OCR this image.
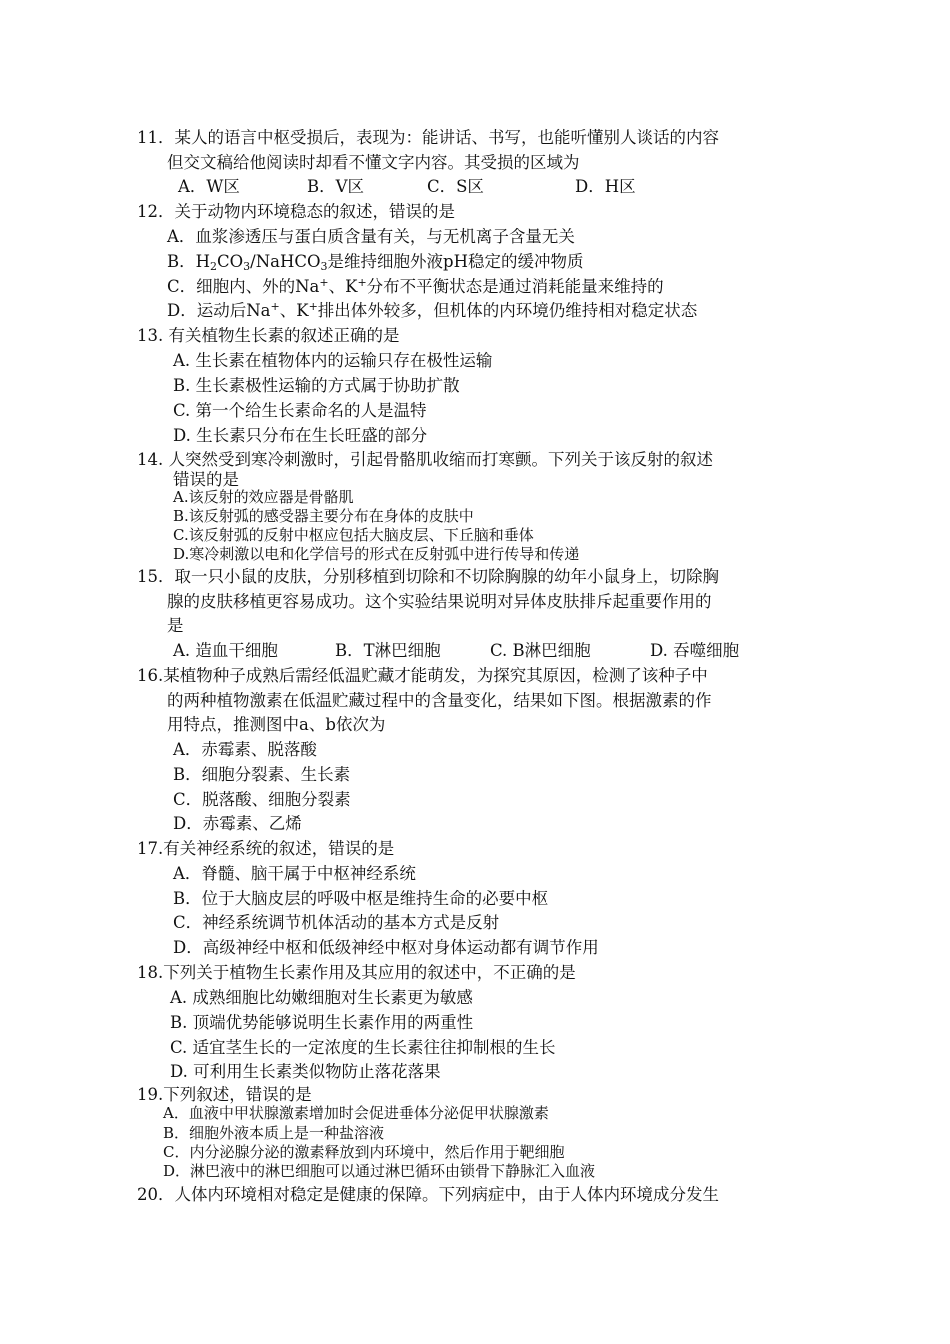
11．某人的语言中枢受损后，表现为：能讲话、书写，也能听懂别人谈话的内容
但交文稿给他阅读时却看不懂文字内容。其受损的区域为
A．W区	B．V区	C．S区	D．H区
12．关于动物内环境稳态的叙述，错误的是
A．血浆渗透压与蛋白质含量有关，与无机离子含量无关
B．$H_2CO_3/NaHCO_3$是维持细胞外液pH稳定的缓冲物质
C．细胞内、外的Na+、K+分布不平衡状态是通过消耗能量来维持的
D．运动后Na+、K+排出体外较多，但机体的内环境仍维持相对稳定状态
13. 有关植物生长素的叙述正确的是
A. 生长素在植物体内的运输只存在极性运输
B. 生长素极性运输的方式属于协助扩散
C. 第一个给生长素命名的人是温特
D. 生长素只分布在生长旺盛的部分
14. 人突然受到寒冷刺激时，引起骨骼肌收缩而打寒颤。下列关于该反射的叙述
错误的是
A.该反射的效应器是骨骼肌
B.该反射弧的感受器主要分布在身体的皮肤中
C.该反射弧的反射中枢应包括大脑皮层、下丘脑和垂体
D.寒冷刺激以电和化学信号的形式在反射弧中进行传导和传递
15．取一只小鼠的皮肤，分别移植到切除和不切除胸腺的幼年小鼠身上，切除胸
腺的皮肤移植更容易成功。这个实验结果说明对异体皮肤排斥起重要作用的
是
A. 造血干细胞	B．T淋巴细胞	C. B淋巴细胞	D. 吞噬细胞
16.某植物种子成熟后需经低温贮藏才能萌发，为探究其原因，检测了该种子中
的两种植物激素在低温贮藏过程中的含量变化，结果如下图。根据激素的作
用特点，推测图中a、b依次为
A．赤霉素、脱落酸
B．细胞分裂素、生长素
C．脱落酸、细胞分裂素
D．赤霉素、乙烯
17.有关神经系统的叙述，错误的是
A．脊髓、脑干属于中枢神经系统
B．位于大脑皮层的呼吸中枢是维持生命的必要中枢
C．神经系统调节机体活动的基本方式是反射
D．高级神经中枢和低级神经中枢对身体运动都有调节作用
18.下列关于植物生长素作用及其应用的叙述中，不正确的是
A. 成熟细胞比幼嫩细胞对生长素更为敏感
B. 顶端优势能够说明生长素作用的两重性
C. 适宜茎生长的一定浓度的生长素往往抑制根的生长
D. 可利用生长素类似物防止落花落果
19.下列叙述，错误的是
A．血液中甲状腺激素增加时会促进垂体分泌促甲状腺激素
B．细胞外液本质上是一种盐溶液
C．内分泌腺分泌的激素释放到内环境中，然后作用于靶细胞
D．淋巴液中的淋巴细胞可以通过淋巴循环由锁骨下静脉汇入血液
20．人体内环境相对稳定是健康的保障。下列病症中，由于人体内环境成分发生
